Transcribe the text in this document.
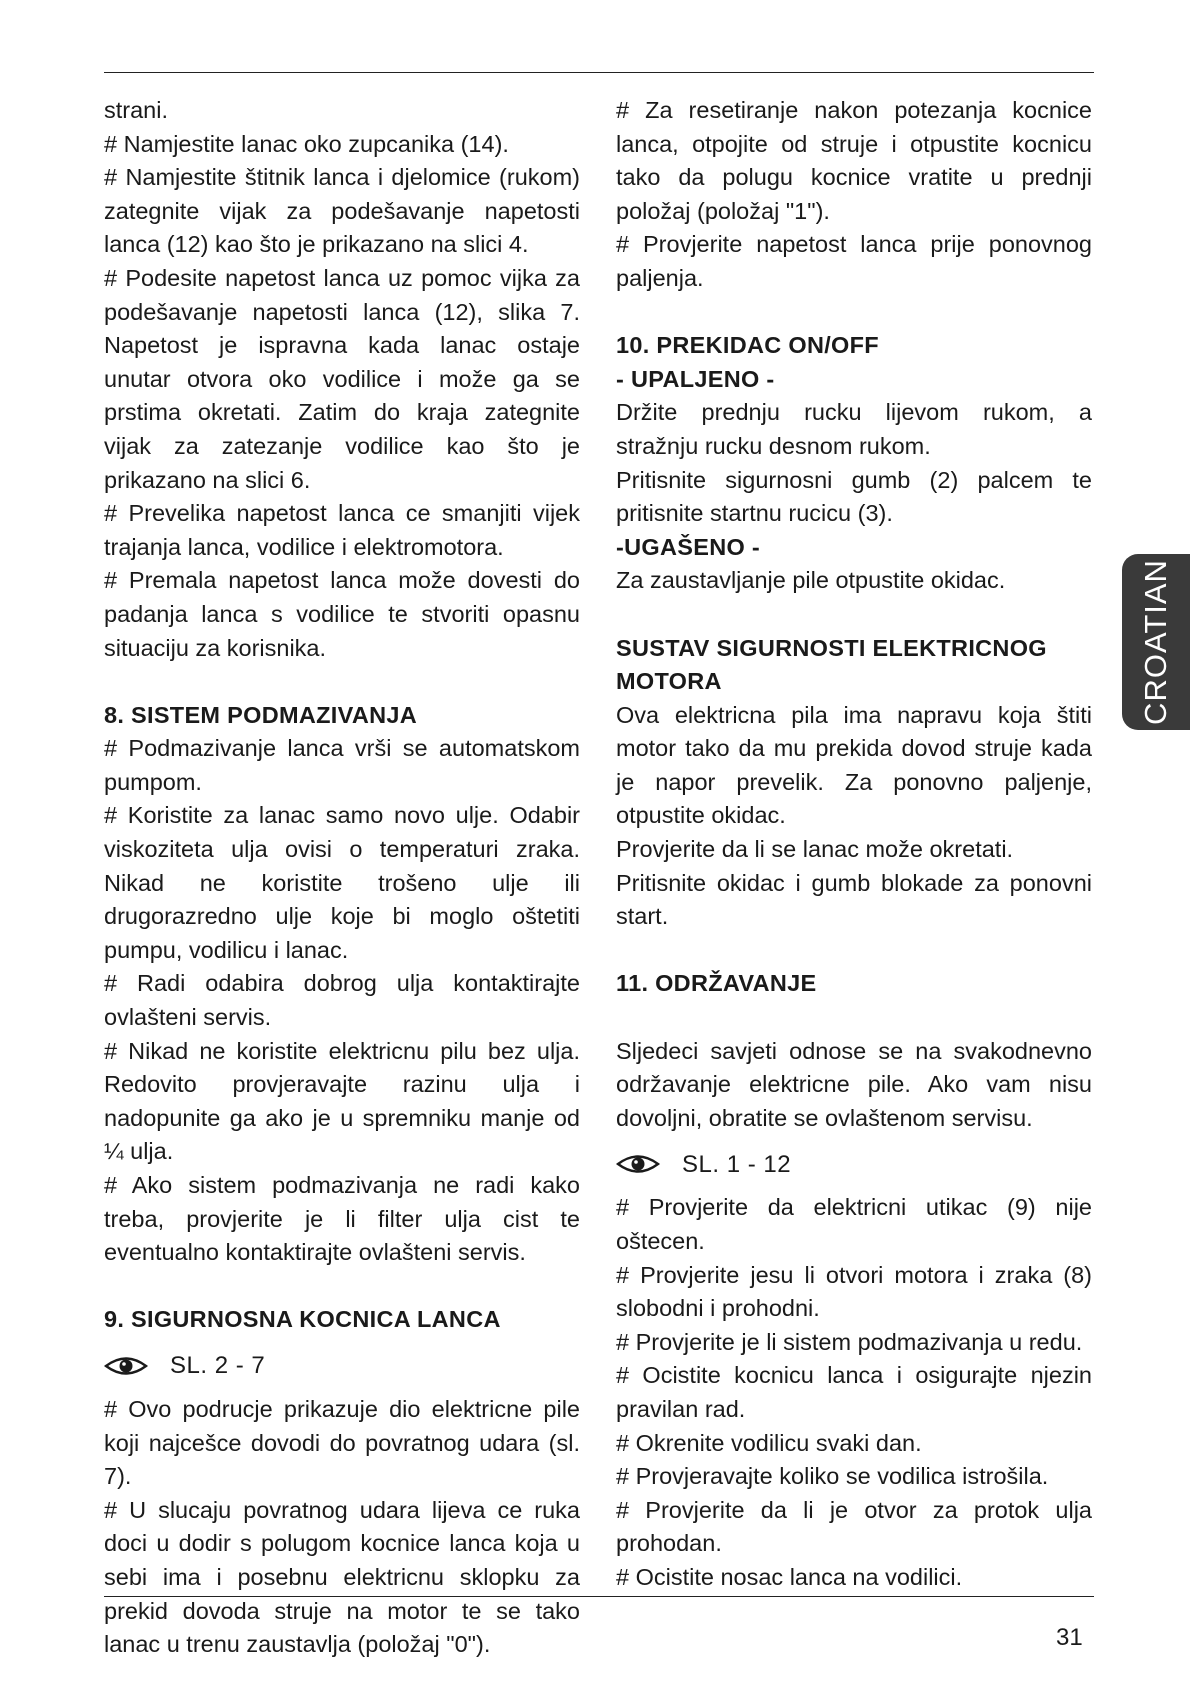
strani.

# Namjestite lanac oko zupcanika (14).

# Namjestite štitnik lanca i djelomice (rukom) zategnite vijak za podešavanje napetosti lanca (12) kao što je prikazano na slici 4.

# Podesite napetost lanca uz pomoc vijka za podešavanje napetosti lanca (12), slika 7. Napetost je ispravna kada lanac ostaje unutar otvora oko vodilice i može ga se prstima okretati. Zatim do kraja zategnite vijak za zatezanje vodilice kao što je prikazano na slici 6.

# Prevelika napetost lanca ce smanjiti vijek trajanja lanca, vodilice i elektromotora.

# Premala napetost lanca može dovesti do padanja lanca s vodilice te stvoriti opasnu situaciju za korisnika.

8. SISTEM PODMAZIVANJA

# Podmazivanje lanca vrši se automatskom pumpom.

# Koristite za lanac samo novo ulje. Odabir viskoziteta ulja ovisi o temperaturi zraka. Nikad ne koristite trošeno ulje ili drugorazredno ulje koje bi moglo oštetiti pumpu, vodilicu i lanac.

# Radi odabira dobrog ulja kontaktirajte ovlašteni servis.

# Nikad ne koristite elektricnu pilu bez ulja. Redovito provjeravajte razinu ulja i nadopunite ga ako je u spremniku manje od ¼ ulja.

# Ako sistem podmazivanja ne radi kako treba, provjerite je li filter ulja cist te eventualno kontaktirajte ovlašteni servis.

9. SIGURNOSNA KOCNICA LANCA
SL. 2 - 7

# Ovo podrucje prikazuje dio elektricne pile koji najcešce dovodi do povratnog udara (sl. 7).

# U slucaju povratnog udara lijeva ce ruka doci u dodir s polugom kocnice lanca koja u sebi ima i posebnu elektricnu sklopku za prekid dovoda struje na motor te se tako lanac u trenu zaustavlja (položaj "0").

# Za resetiranje nakon potezanja kocnice lanca, otpojite od struje i otpustite kocnicu tako da polugu kocnice vratite u prednji položaj (položaj "1").

# Provjerite napetost lanca prije ponovnog paljenja.

10. PREKIDAC ON/OFF
- UPALJENO -

Držite prednju rucku lijevom rukom, a stražnju rucku desnom rukom.

Pritisnite sigurnosni gumb (2) palcem te pritisnite startnu rucicu (3).

-UGAŠENO -

Za zaustavljanje pile otpustite okidac.

SUSTAV SIGURNOSTI ELEKTRICNOG MOTORA

Ova elektricna pila ima napravu koja štiti motor tako da mu prekida dovod struje kada je napor prevelik. Za ponovno paljenje, otpustite okidac.

Provjerite da li se lanac može okretati.

Pritisnite okidac i gumb blokade za ponovni start.

11. ODRŽAVANJE

Sljedeci savjeti odnose se na svakodnevno održavanje elektricne pile. Ako vam nisu dovoljni, obratite se ovlaštenom servisu.

SL. 1 - 12

# Provjerite da elektricni utikac (9) nije oštecen.

# Provjerite jesu li otvori motora i zraka (8) slobodni i prohodni.

# Provjerite je li sistem podmazivanja u redu.

# Ocistite kocnicu lanca i osigurajte njezin pravilan rad.

# Okrenite vodilicu svaki dan.

# Provjeravajte koliko se vodilica istrošila.

# Provjerite da li je otvor za protok ulja prohodan.

# Ocistite nosac lanca na vodilici.

CROATIAN
31
